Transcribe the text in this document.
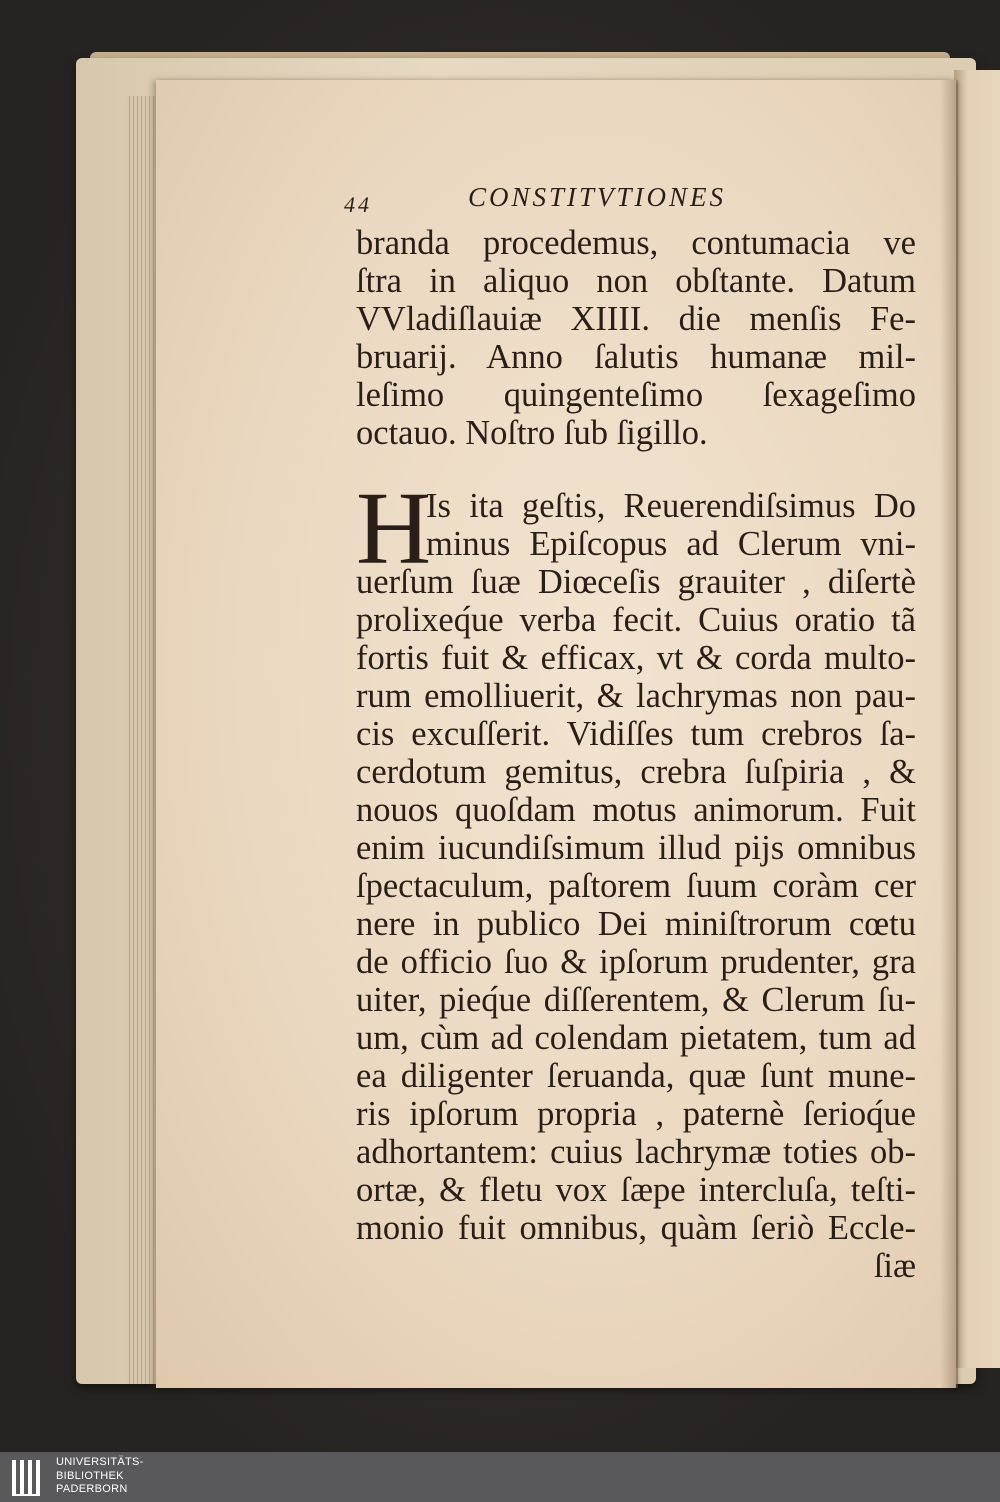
44	CONSTITVTIONES
branda procedemus, contumacia ve
ſtra in aliquo non obſtante. Datum
VVladiſlauiæ XIIII. die menſis Fe-
bruarij. Anno ſalutis humanæ mil-
leſimo quingenteſimo ſexageſimo
octauo. Noſtro ſub ſigillo.
H
Is ita geſtis, Reuerendiſsimus Do
minus Epiſcopus ad Clerum vni-
uerſum ſuæ Diœceſis grauiter , diſertè
prolixeq́ue verba fecit. Cuius oratio tã
fortis fuit & efficax, vt & corda multo-
rum emolliuerit, & lachrymas non pau-
cis excuſſerit. Vidiſſes tum crebros ſa-
cerdotum gemitus, crebra ſuſpiria , &
nouos quoſdam motus animorum. Fuit
enim iucundiſsimum illud pijs omnibus
ſpectaculum, paſtorem ſuum coràm cer
nere in publico Dei miniſtrorum cœtu
de officio ſuo & ipſorum prudenter, gra
uiter, pieq́ue diſſerentem, & Clerum ſu-
um, cùm ad colendam pietatem, tum ad
ea diligenter ſeruanda, quæ ſunt mune-
ris ipſorum propria , paternè ſerioq́ue
adhortantem: cuius lachrymæ toties ob-
ortæ, & fletu vox ſæpe intercluſa, teſti-
monio fuit omnibus, quàm ſeriò Eccle-
ſiæ
UNIVERSITÄTS-
BIBLIOTHEK
PADERBORN
